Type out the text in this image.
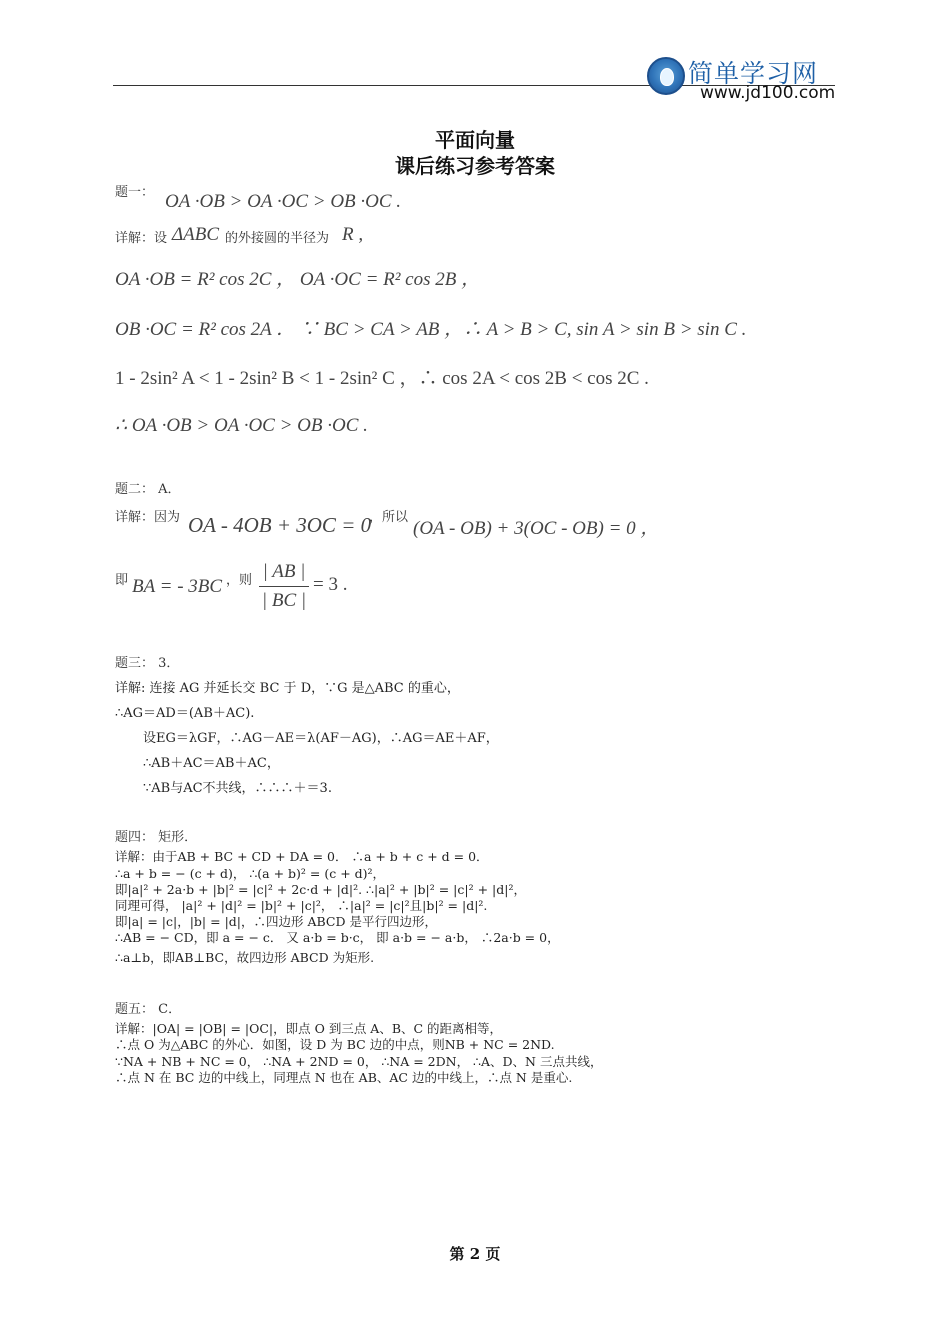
简单学习网
www.jd100.com
平面向量
课后练习参考答案
题一： OA ·OB > OA ·OC > OB ·OC .
详解：设 ΔABC 的外接圆的半径为 R ,
OA ·OB = R² cos 2C ， OA ·OC = R² cos 2B ，
OB ·OC = R² cos 2A ． ∵ BC > CA > AB ，∴ A > B > C, sin A > sin B > sin C .
1 - 2sin² A < 1 - 2sin² B < 1 - 2sin² C ，∴ cos 2A < cos 2B < cos 2C .
∴ OA ·OB > OA ·OC > OB ·OC .
题二： A．
详解：因为 OA - 4OB + 3OC = 0
，所以
(OA - OB) + 3(OC - OB) = 0 ，
即 BA = - 3BC ，则 | AB |
| BC |
= 3 .
题三： 3．
详解: 连接 AG 并延长交 BC 于 D，∵G 是△ABC 的重心，
∴AG＝AD＝(AB＋AC).
设EG＝λGF，∴AG－AE＝λ(AF－AG)，∴AG＝AE＋AF，
∴AB＋AC＝AB＋AC，
∵AB与AC不共线，∴∴∴＋＝3.
题四： 矩形．
详解：由于AB + BC + CD + DA = 0． ∴a + b + c + d = 0．
∴a + b = − (c + d)， ∴(a + b)² = (c + d)²，
即|a|² + 2a·b + |b|² = |c|² + 2c·d + |d|². ∴|a|² + |b|² = |c|² + |d|²，
同理可得， |a|² + |d|² = |b|² + |c|²， ∴|a|² = |c|²且|b|² = |d|².
即|a| = |c|，|b| = |d|，∴四边形 ABCD 是平行四边形，
∴AB = − CD，即 a = − c． 又 a·b = b·c， 即 a·b = − a·b， ∴2a·b = 0，
∴a⊥b，即AB⊥BC，故四边形 ABCD 为矩形.
题五： C．
详解：|OA| = |OB| = |OC|，即点 O 到三点 A、B、C 的距离相等，
∴点 O 为△ABC 的外心．如图，设 D 为 BC 边的中点，则NB + NC = 2ND.
∵NA + NB + NC = 0， ∴NA + 2ND = 0， ∴NA = 2DN， ∴A、D、N 三点共线，
∴点 N 在 BC 边的中线上，同理点 N 也在 AB、AC 边的中线上，∴点 N 是重心.
第 2 页
